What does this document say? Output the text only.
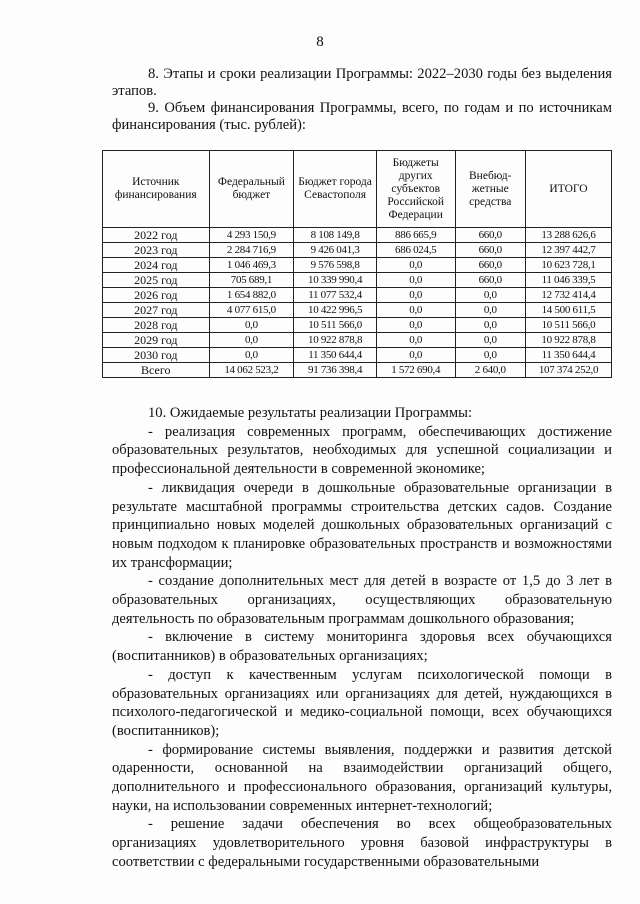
8

8. Этапы и сроки реализации Программы: 2022–2030 годы без выделения этапов.

9. Объем финансирования Программы, всего, по годам и по источникам финансирования (тыс. рублей):

Источник финансирования	Федеральный бюджет	Бюджет города Севастополя	Бюджеты других субъектов Российской Федерации	Внебюд-жетные средства	ИТОГО
2022 год	4 293 150,9	8 108 149,8	886 665,9	660,0	13 288 626,6
2023 год	2 284 716,9	9 426 041,3	686 024,5	660,0	12 397 442,7
2024 год	1 046 469,3	9 576 598,8	0,0	660,0	10 623 728,1
2025 год	705 689,1	10 339 990,4	0,0	660,0	11 046 339,5
2026 год	1 654 882,0	11 077 532,4	0,0	0,0	12 732 414,4
2027 год	4 077 615,0	10 422 996,5	0,0	0,0	14 500 611,5
2028 год	0,0	10 511 566,0	0,0	0,0	10 511 566,0
2029 год	0,0	10 922 878,8	0,0	0,0	10 922 878,8
2030 год	0,0	11 350 644,4	0,0	0,0	11 350 644,4
Всего	14 062 523,2	91 736 398,4	1 572 690,4	2 640,0	107 374 252,0

10. Ожидаемые результаты реализации Программы:

- реализация современных программ, обеспечивающих достижение образовательных результатов, необходимых для успешной социализации и профессиональной деятельности в современной экономике;

- ликвидация очереди в дошкольные образовательные организации в результате масштабной программы строительства детских садов. Создание принципиально новых моделей дошкольных образовательных организаций с новым подходом к планировке образовательных пространств и возможностями их трансформации;

- создание дополнительных мест для детей в возрасте от 1,5 до 3 лет в образовательных организациях, осуществляющих образовательную деятельность по образовательным программам дошкольного образования;

- включение в систему мониторинга здоровья всех обучающихся (воспитанников) в образовательных организациях;

- доступ к качественным услугам психологической помощи в образовательных организациях или организациях для детей, нуждающихся в психолого-педагогической и медико-социальной помощи, всех обучающихся (воспитанников);

- формирование системы выявления, поддержки и развития детской одаренности, основанной на взаимодействии организаций общего, дополнительного и профессионального образования, организаций культуры, науки, на использовании современных интернет-технологий;

- решение задачи обеспечения во всех общеобразовательных организациях удовлетворительного уровня базовой инфраструктуры в соответствии с федеральными государственными образовательными
